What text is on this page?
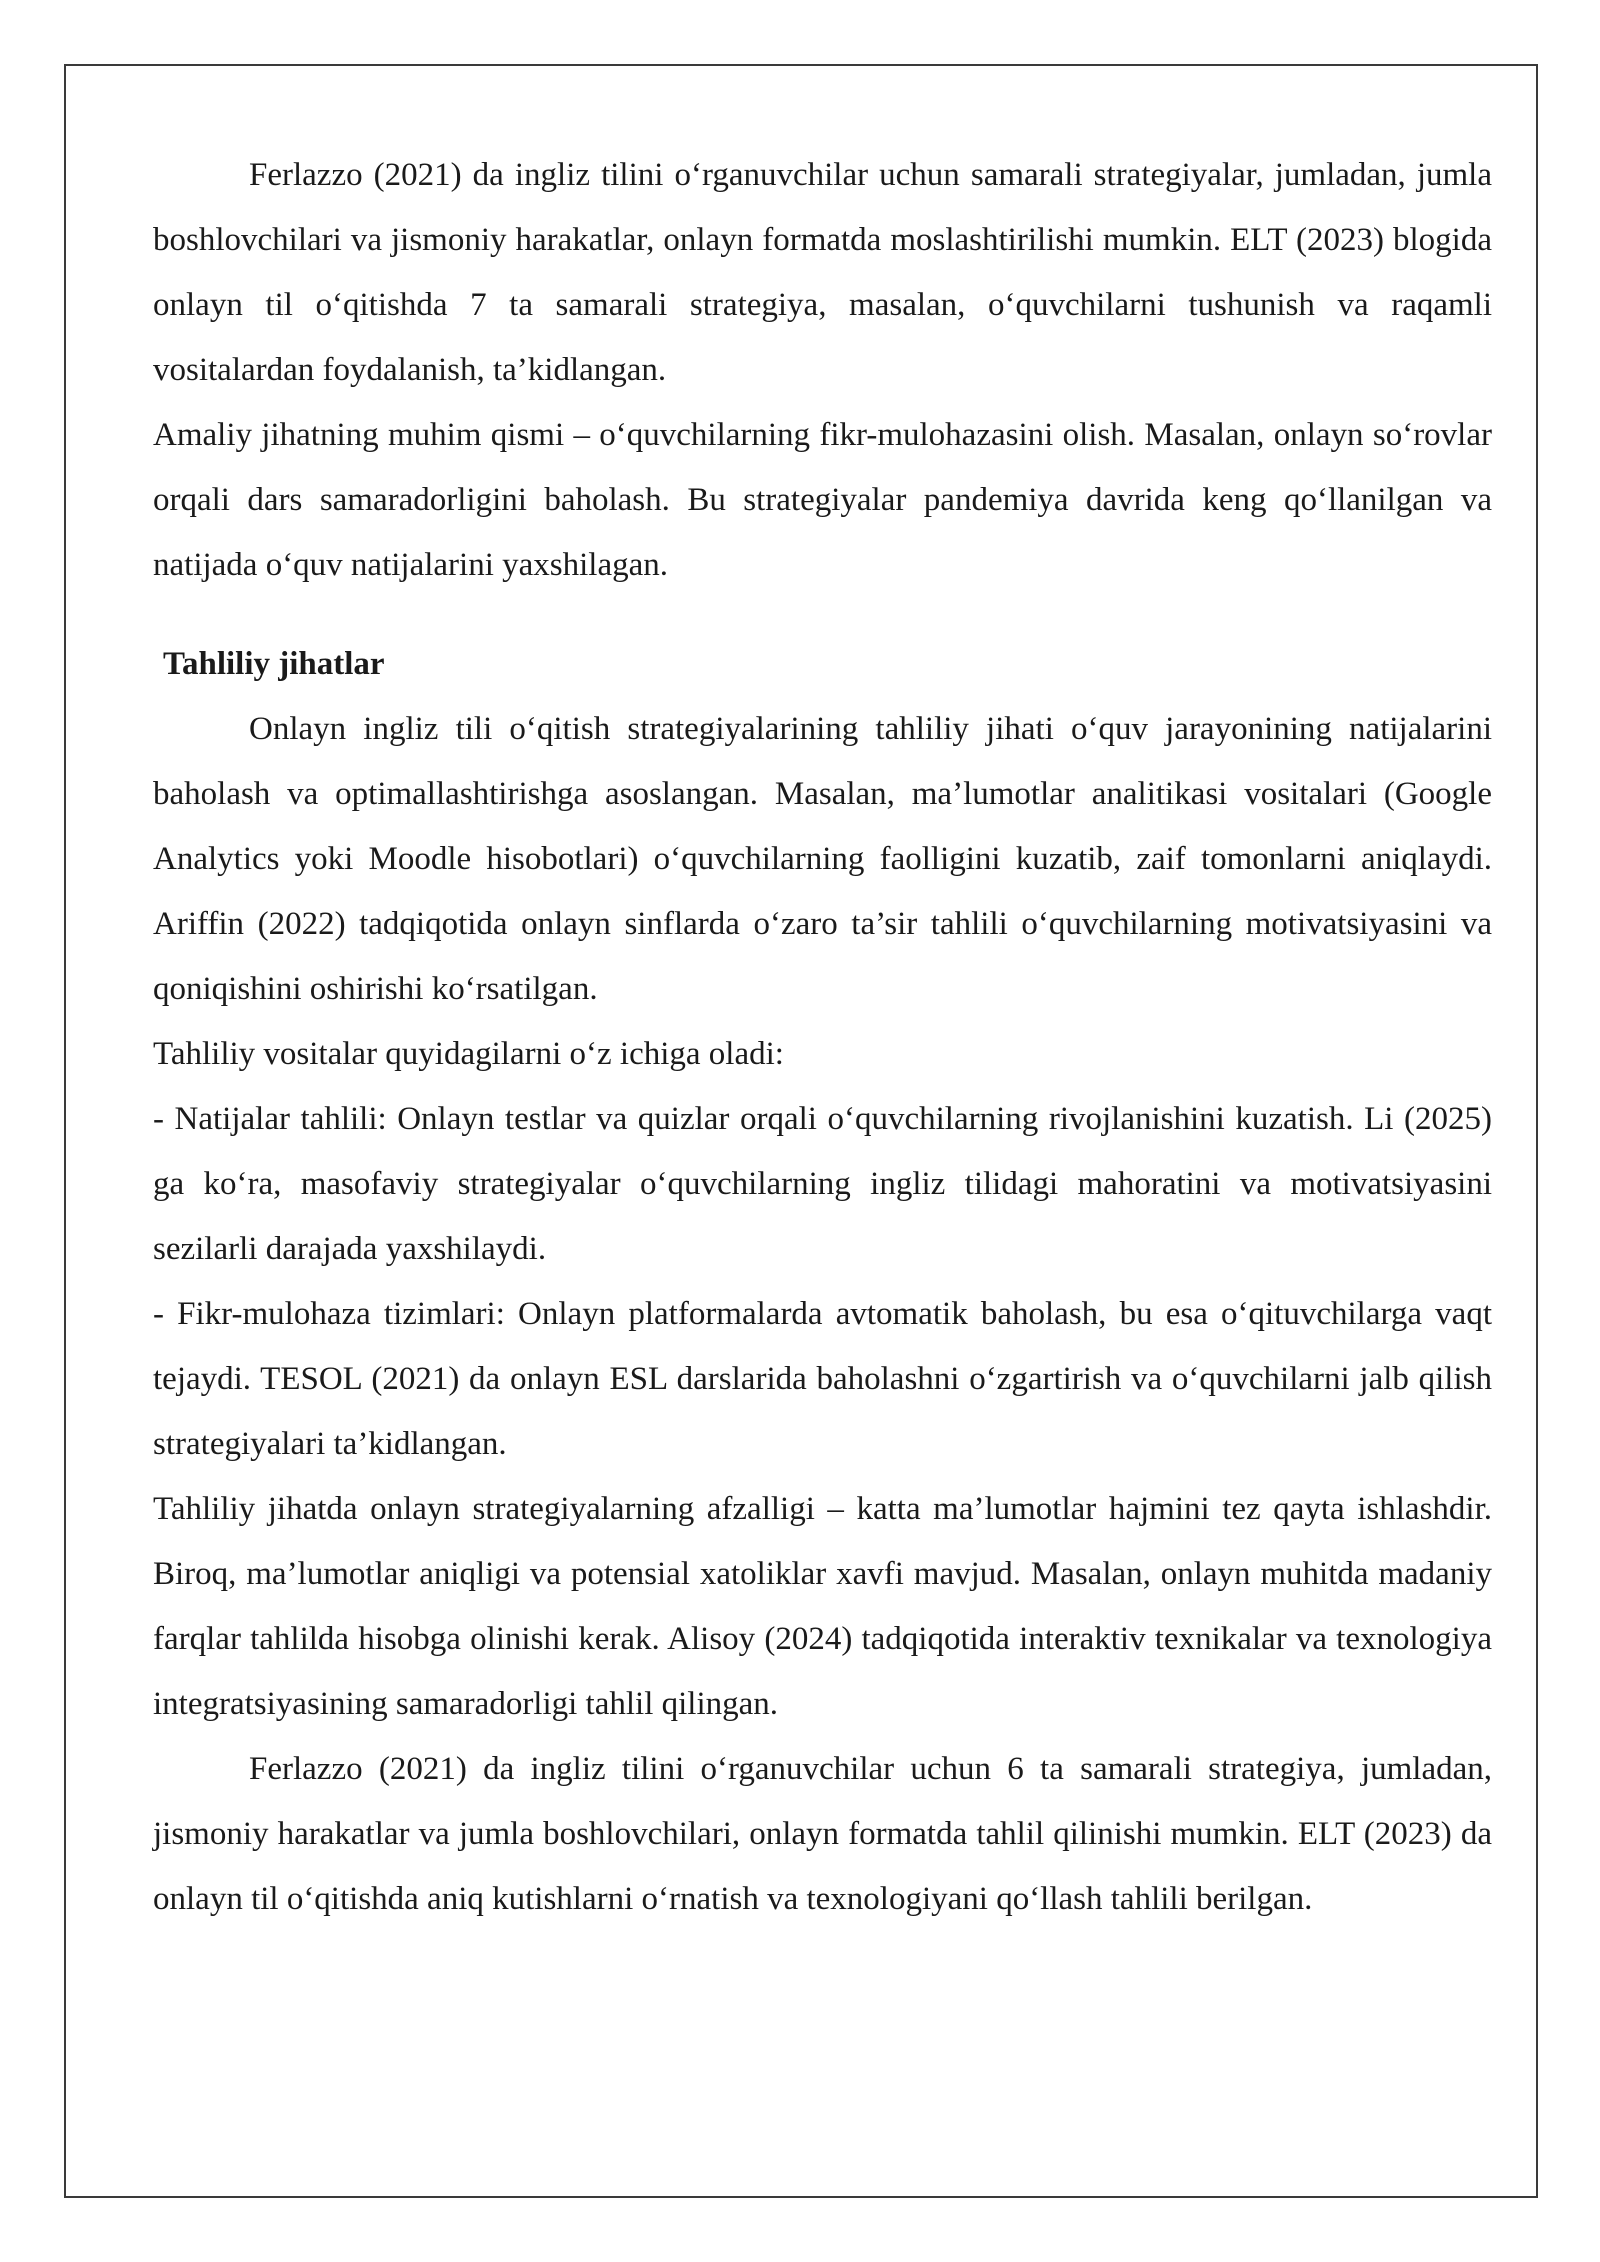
Ferlazzo (2021) da ingliz tilini o‘rganuvchilar uchun samarali strategiyalar, jumladan, jumla boshlovchilari va jismoniy harakatlar, onlayn formatda moslashtirilishi mumkin. ELT (2023) blogida onlayn til o‘qitishda 7 ta samarali strategiya, masalan, o‘quvchilarni tushunish va raqamli vositalardan foydalanish, ta’kidlangan.

Amaliy jihatning muhim qismi – o‘quvchilarning fikr-mulohazasini olish. Masalan, onlayn so‘rovlar orqali dars samaradorligini baholash. Bu strategiyalar pandemiya davrida keng qo‘llanilgan va natijada o‘quv natijalarini yaxshilagan.

Tahliliy jihatlar

Onlayn ingliz tili o‘qitish strategiyalarining tahliliy jihati o‘quv jarayonining natijalarini baholash va optimallashtirishga asoslangan. Masalan, ma’lumotlar analitikasi vositalari (Google Analytics yoki Moodle hisobotlari) o‘quvchilarning faolligini kuzatib, zaif tomonlarni aniqlaydi. Ariffin (2022) tadqiqotida onlayn sinflarda o‘zaro ta’sir tahlili o‘quvchilarning motivatsiyasini va qoniqishini oshirishi ko‘rsatilgan.

Tahliliy vositalar quyidagilarni o‘z ichiga oladi:

- Natijalar tahlili: Onlayn testlar va quizlar orqali o‘quvchilarning rivojlanishini kuzatish. Li (2025) ga ko‘ra, masofaviy strategiyalar o‘quvchilarning ingliz tilidagi mahoratini va motivatsiyasini sezilarli darajada yaxshilaydi.

- Fikr-mulohaza tizimlari: Onlayn platformalarda avtomatik baholash, bu esa o‘qituvchilarga vaqt tejaydi. TESOL (2021) da onlayn ESL darslarida baholashni o‘zgartirish va o‘quvchilarni jalb qilish strategiyalari ta’kidlangan.

Tahliliy jihatda onlayn strategiyalarning afzalligi – katta ma’lumotlar hajmini tez qayta ishlashdir. Biroq, ma’lumotlar aniqligi va potensial xatoliklar xavfi mavjud. Masalan, onlayn muhitda madaniy farqlar tahlilda hisobga olinishi kerak. Alisoy (2024) tadqiqotida interaktiv texnikalar va texnologiya integratsiyasining samaradorligi tahlil qilingan.

Ferlazzo (2021) da ingliz tilini o‘rganuvchilar uchun 6 ta samarali strategiya, jumladan, jismoniy harakatlar va jumla boshlovchilari, onlayn formatda tahlil qilinishi mumkin. ELT (2023) da onlayn til o‘qitishda aniq kutishlarni o‘rnatish va texnologiyani qo‘llash tahlili berilgan.
